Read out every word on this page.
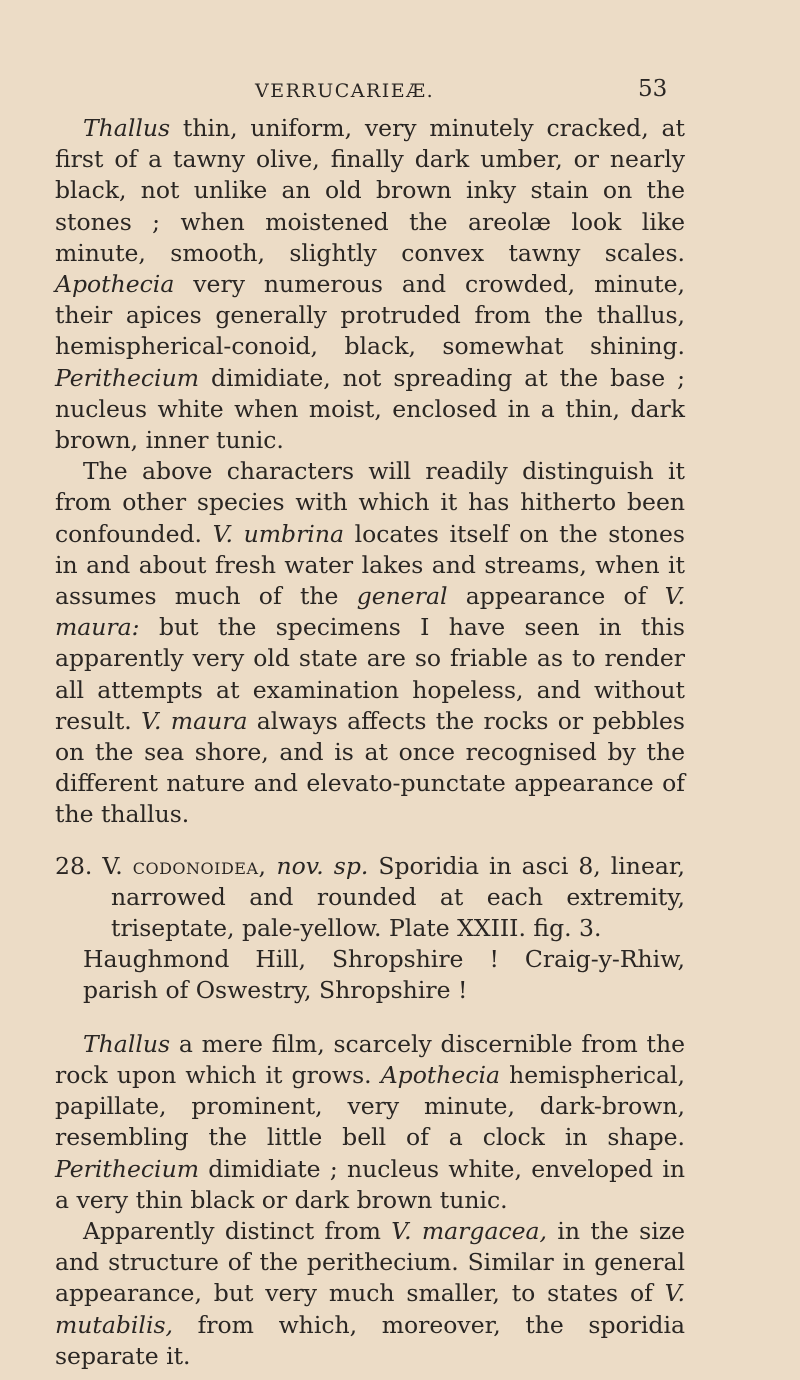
VERRUCARIEÆ.	53

Thallus thin, uniform, very minutely cracked, at first of a tawny olive, finally dark umber, or nearly black, not unlike an old brown inky stain on the stones ; when moistened the areolæ look like minute, smooth, slightly convex tawny scales. Apothecia very numerous and crowded, minute, their apices generally protruded from the thallus, hemispherical-conoid, black, somewhat shining. Perithecium dimidiate, not spreading at the base ; nucleus white when moist, enclosed in a thin, dark brown, inner tunic.

The above characters will readily distinguish it from other species with which it has hitherto been confounded. V. umbrina locates itself on the stones in and about fresh water lakes and streams, when it assumes much of the general appearance of V. maura: but the specimens I have seen in this apparently very old state are so friable as to render all attempts at examination hopeless, and without result. V. maura always affects the rocks or pebbles on the sea shore, and is at once recognised by the different nature and elevato-punctate appearance of the thallus.

28. V. codonoidea, nov. sp. Sporidia in asci 8, linear, narrowed and rounded at each extremity, triseptate, pale-yellow. Plate XXIII. fig. 3.

Haughmond Hill, Shropshire ! Craig-y-Rhiw, parish of Oswestry, Shropshire !

Thallus a mere film, scarcely discernible from the rock upon which it grows. Apothecia hemispherical, papillate, prominent, very minute, dark-brown, resembling the little bell of a clock in shape. Perithecium dimidiate ; nucleus white, enveloped in a very thin black or dark brown tunic.

Apparently distinct from V. margacea, in the size and structure of the perithecium. Similar in general appearance, but very much smaller, to states of V. mutabilis, from which, moreover, the sporidia separate it.
